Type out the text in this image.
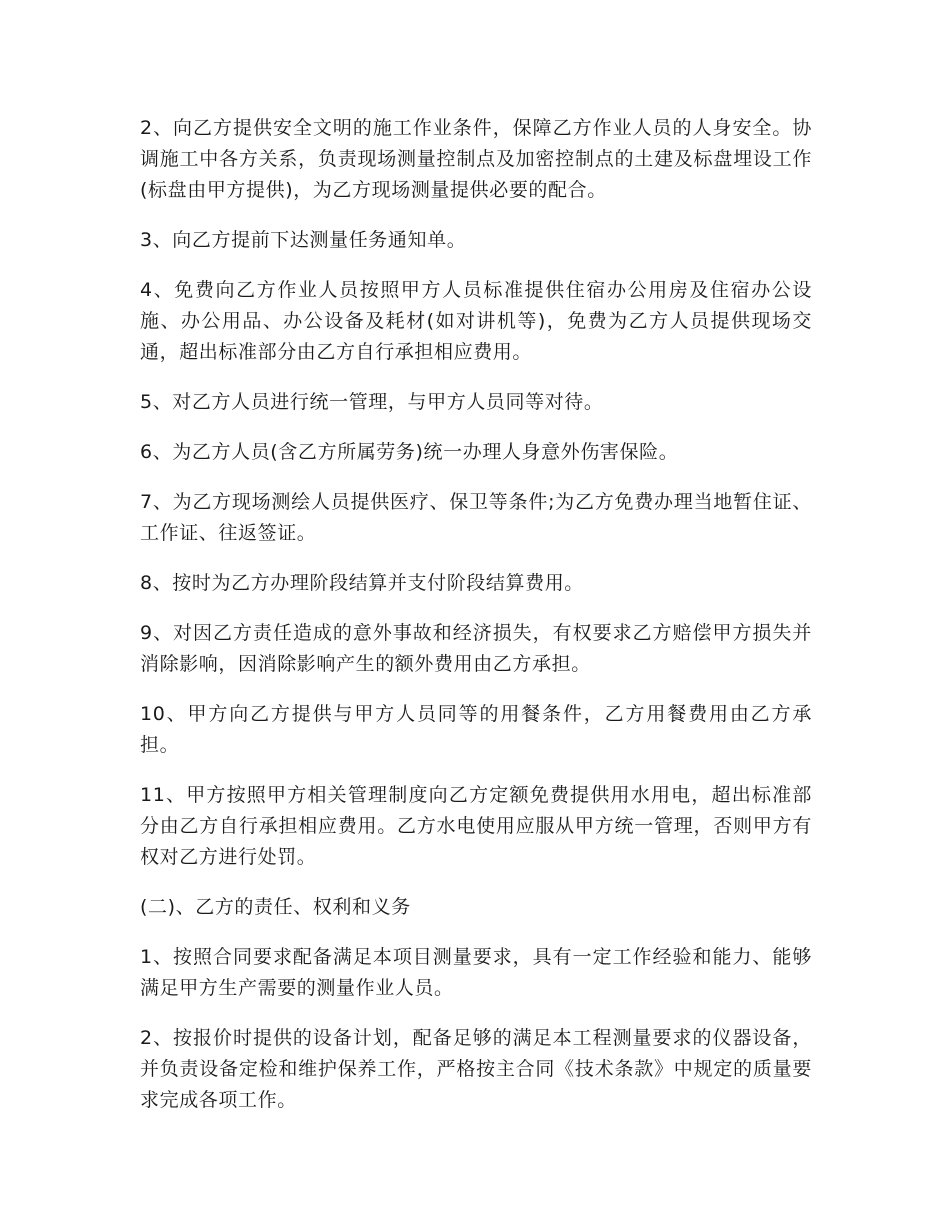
2、向乙方提供安全文明的施工作业条件，保障乙方作业人员的人身安全。协调施工中各方关系，负责现场测量控制点及加密控制点的土建及标盘埋设工作(标盘由甲方提供)，为乙方现场测量提供必要的配合。

3、向乙方提前下达测量任务通知单。

4、免费向乙方作业人员按照甲方人员标准提供住宿办公用房及住宿办公设施、办公用品、办公设备及耗材(如对讲机等)，免费为乙方人员提供现场交通，超出标准部分由乙方自行承担相应费用。

5、对乙方人员进行统一管理，与甲方人员同等对待。

6、为乙方人员(含乙方所属劳务)统一办理人身意外伤害保险。

7、为乙方现场测绘人员提供医疗、保卫等条件;为乙方免费办理当地暂住证、工作证、往返签证。

8、按时为乙方办理阶段结算并支付阶段结算费用。

9、对因乙方责任造成的意外事故和经济损失，有权要求乙方赔偿甲方损失并消除影响，因消除影响产生的额外费用由乙方承担。

10、甲方向乙方提供与甲方人员同等的用餐条件，乙方用餐费用由乙方承担。

11、甲方按照甲方相关管理制度向乙方定额免费提供用水用电，超出标准部分由乙方自行承担相应费用。乙方水电使用应服从甲方统一管理，否则甲方有权对乙方进行处罚。

(二)、乙方的责任、权利和义务

1、按照合同要求配备满足本项目测量要求，具有一定工作经验和能力、能够满足甲方生产需要的测量作业人员。

2、按报价时提供的设备计划，配备足够的满足本工程测量要求的仪器设备，并负责设备定检和维护保养工作，严格按主合同《技术条款》中规定的质量要求完成各项工作。
